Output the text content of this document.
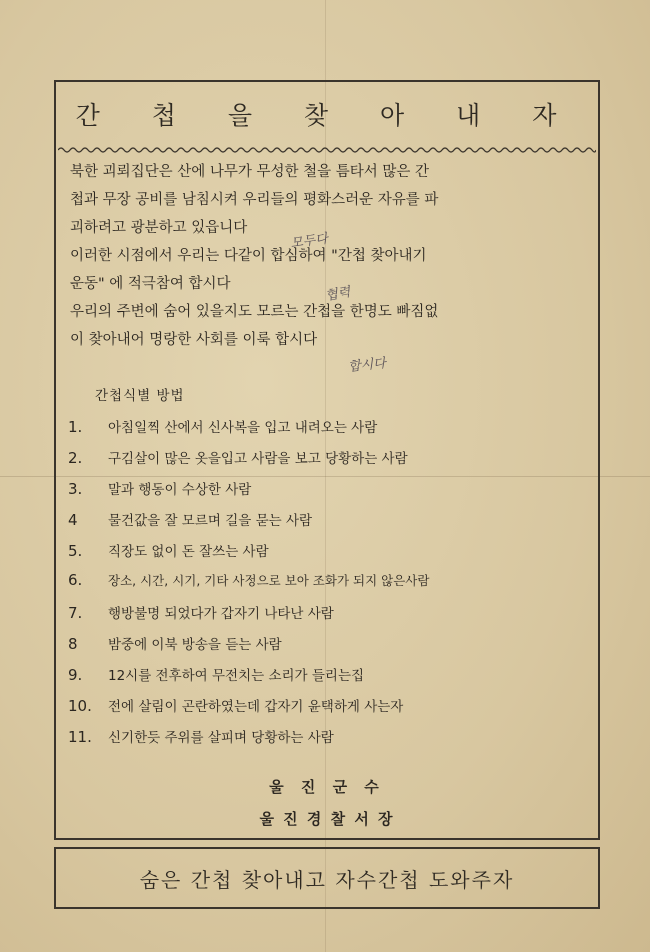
간 첩 을 찾 아 내 자
북한 괴뢰집단은 산에 나무가 무성한 철을 틈타서 많은 간
첩과 무장 공비를 남침시켜 우리들의 평화스러운 자유를 파
괴하려고 광분하고 있읍니다
이러한 시점에서 우리는 다같이 합심하여 "간첩 찾아내기
운동" 에 적극참여 합시다
우리의 주변에 숨어 있을지도 모르는 간첩을 한명도 빠짐없
이 찾아내어 명랑한 사회를 이룩 합시다
모두다
협력
합시다
간첩식별 방법
1.	아침일찍 산에서 신사복을 입고 내려오는 사람
2.	구김살이 많은 옷을입고 사람을 보고 당황하는 사람
3.	말과 행동이 수상한 사람
4	물건값을 잘 모르며 길을 묻는 사람
5.	직장도 없이 돈 잘쓰는 사람
6.	장소, 시간, 시기, 기타 사정으로 보아 조화가 되지 않은사람
7.	행방불명 되었다가 갑자기 나타난 사람
8	밤중에 이북 방송을 듣는 사람
9.	12시를 전후하여 무전치는 소리가 들리는집
10.	전에 살림이 곤란하였는데 갑자기 윤택하게 사는자
11.	신기한듯 주위를 살피며 당황하는 사람
울 진 군 수
울 진 경 찰 서 장
숨은 간첩 찾아내고 자수간첩 도와주자
